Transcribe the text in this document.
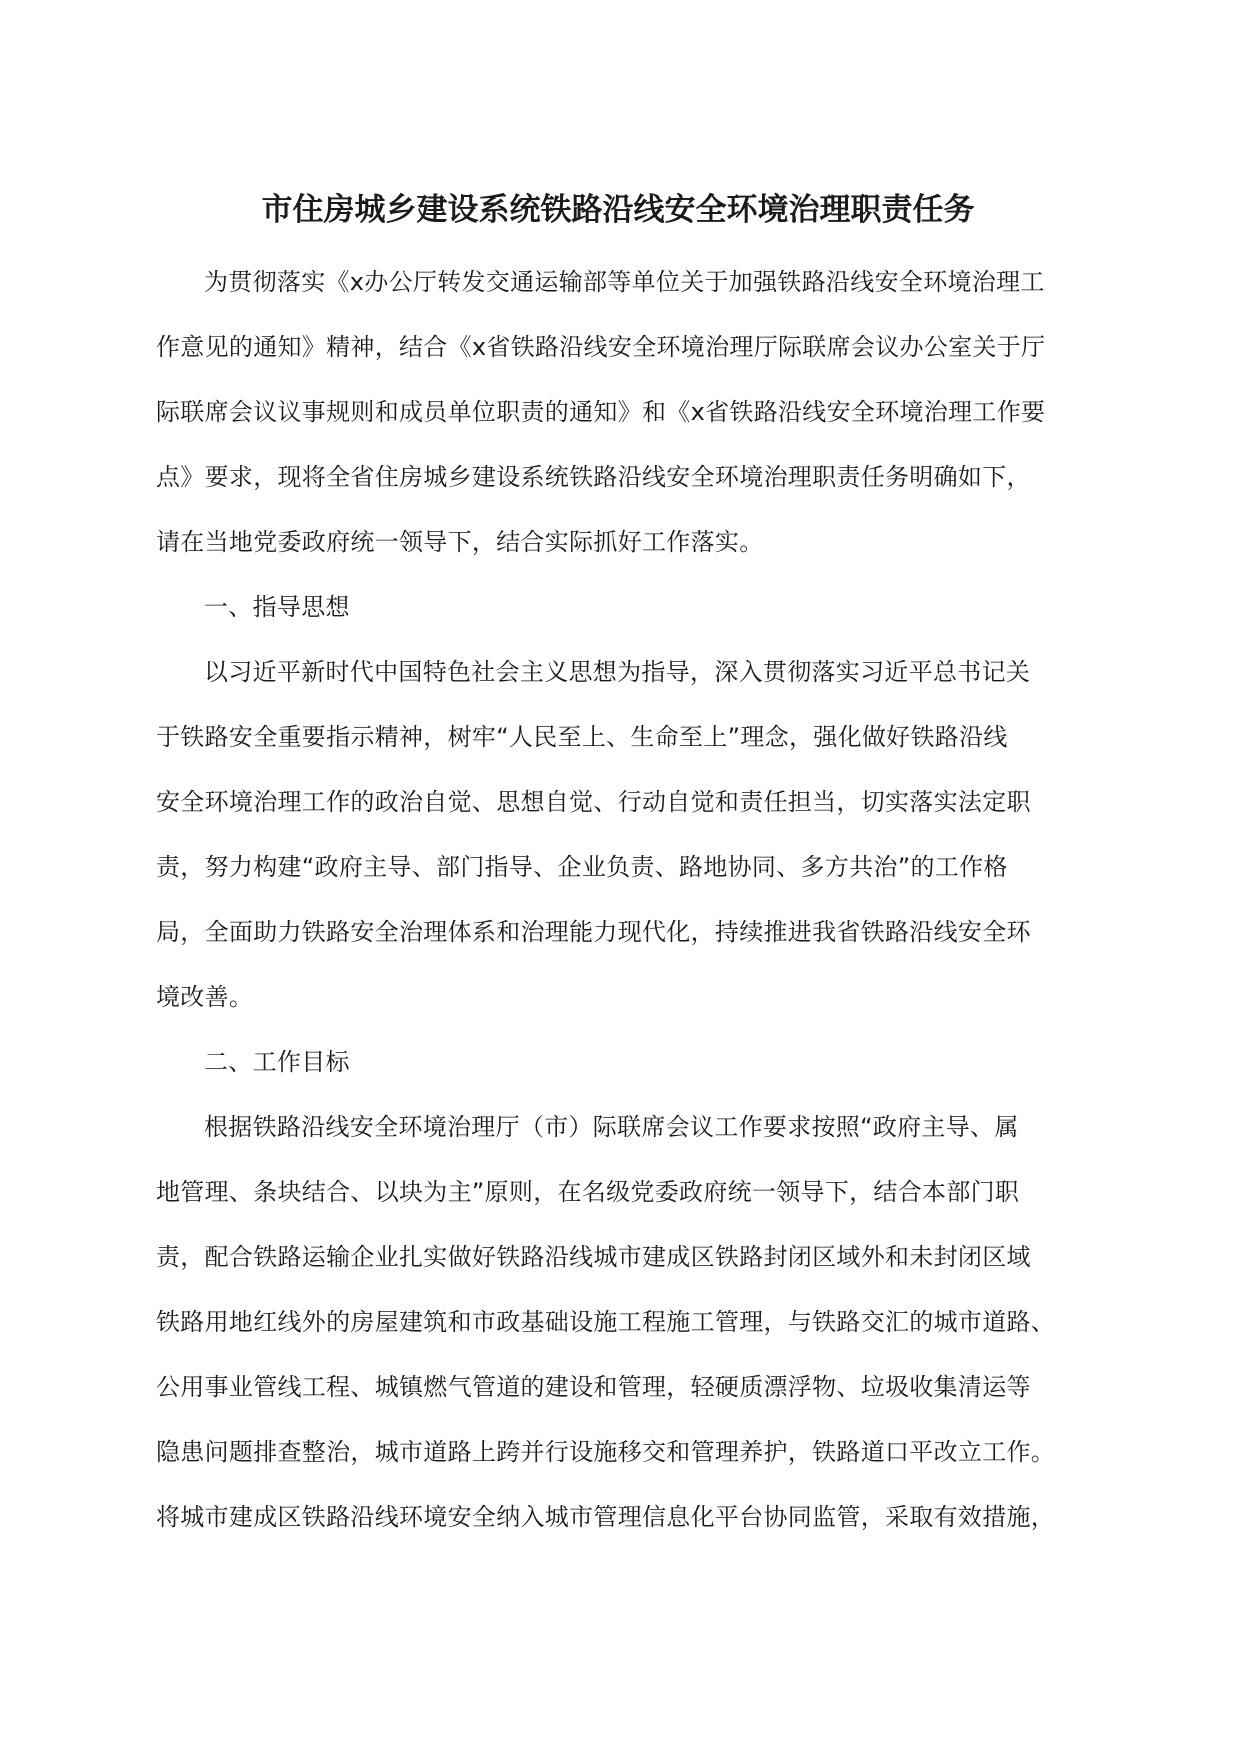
市住房城乡建设系统铁路沿线安全环境治理职责任务

为贯彻落实《x办公厅转发交通运输部等单位关于加强铁路沿线安全环境治理工
作意见的通知》精神，结合《x省铁路沿线安全环境治理厅际联席会议办公室关于厅
际联席会议议事规则和成员单位职责的通知》和《x省铁路沿线安全环境治理工作要
点》要求，现将全省住房城乡建设系统铁路沿线安全环境治理职责任务明确如下，
请在当地党委政府统一领导下，结合实际抓好工作落实。

一、指导思想

以习近平新时代中国特色社会主义思想为指导，深入贯彻落实习近平总书记关
于铁路安全重要指示精神，树牢“人民至上、生命至上”理念，强化做好铁路沿线
安全环境治理工作的政治自觉、思想自觉、行动自觉和责任担当，切实落实法定职
责，努力构建“政府主导、部门指导、企业负责、路地协同、多方共治”的工作格
局，全面助力铁路安全治理体系和治理能力现代化，持续推进我省铁路沿线安全环
境改善。

二、工作目标

根据铁路沿线安全环境治理厅（市）际联席会议工作要求按照“政府主导、属
地管理、条块结合、以块为主”原则，在名级党委政府统一领导下，结合本部门职
责，配合铁路运输企业扎实做好铁路沿线城市建成区铁路封闭区域外和未封闭区域
铁路用地红线外的房屋建筑和市政基础设施工程施工管理，与铁路交汇的城市道路、
公用事业管线工程、城镇燃气管道的建设和管理，轻硬质漂浮物、垃圾收集清运等
隐患问题排查整治，城市道路上跨并行设施移交和管理养护，铁路道口平改立工作。
将城市建成区铁路沿线环境安全纳入城市管理信息化平台协同监管，采取有效措施，
